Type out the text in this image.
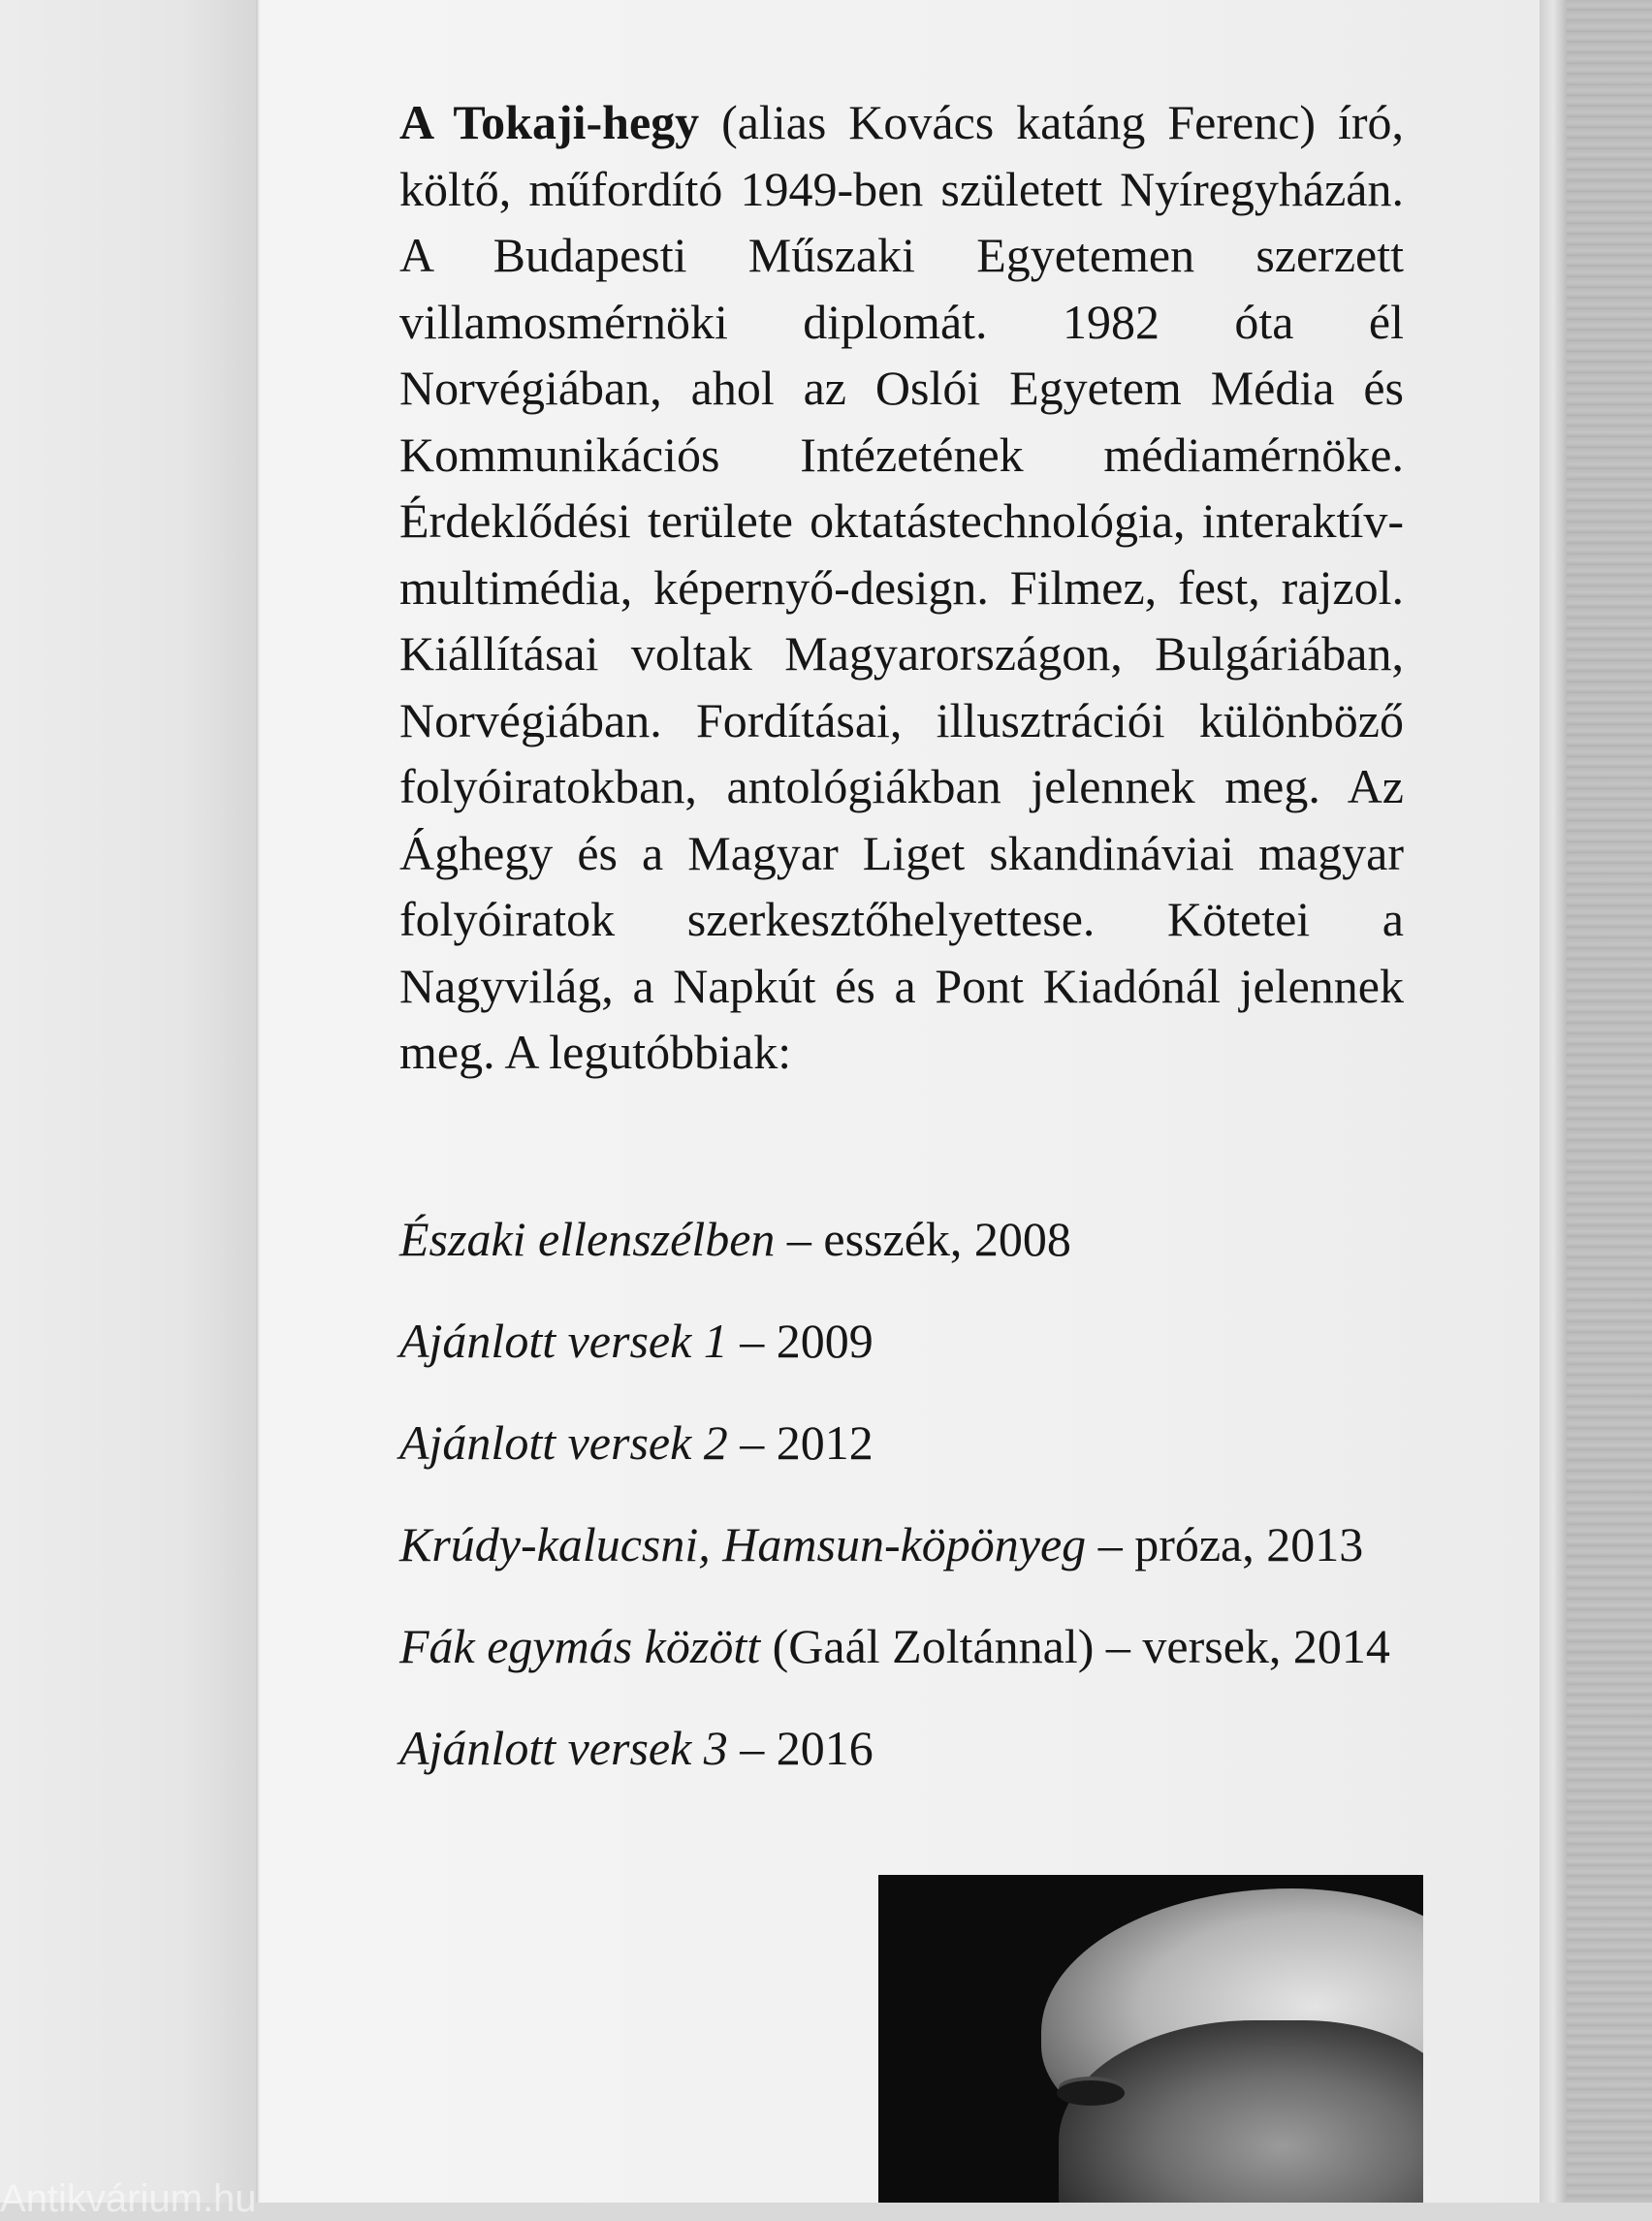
A Tokaji-hegy (alias Kovács katáng Ferenc) író, költő, műfordító 1949-ben született Nyíregyházán. A Budapesti Műszaki Egyetemen szerzett villamosmérnöki diplomát. 1982 óta él Norvégiában, ahol az Oslói Egyetem Média és Kommunikációs Intézetének médiamérnöke. Érdeklődési területe oktatástechnológia, interaktív-multimédia, képernyő-design. Filmez, fest, rajzol. Kiállításai voltak Magyarországon, Bulgáriában, Norvégiában. Fordításai, illusztrációi különböző folyóiratokban, antológiákban jelennek meg. Az Ághegy és a Magyar Liget skandináviai magyar folyóiratok szerkesztőhelyettese. Kötetei a Nagyvilág, a Napkút és a Pont Kiadónál jelennek meg. A legutóbbiak:
Északi ellenszélben – esszék, 2008
Ajánlott versek 1 – 2009
Ajánlott versek 2 – 2012
Krúdy-kalucsni, Hamsun-köpönyeg – próza, 2013
Fák egymás között (Gaál Zoltánnal) – versek, 2014
Ajánlott versek 3 – 2016
Antikvárium.hu
